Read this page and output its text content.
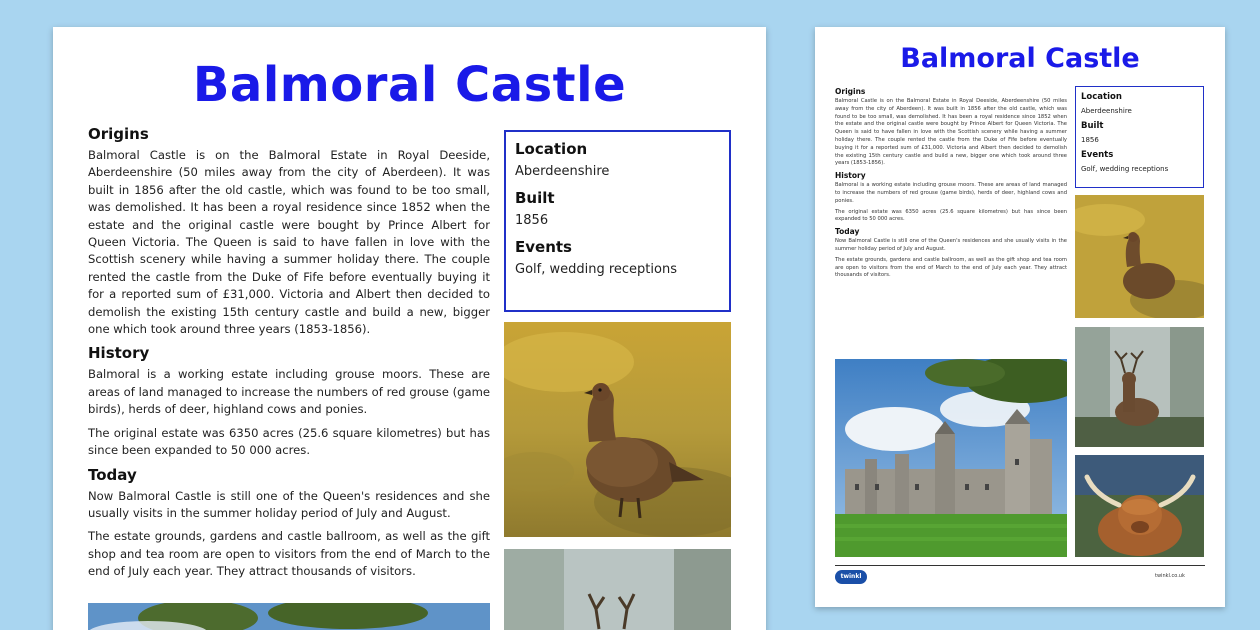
Balmoral Castle
Origins

Balmoral Castle is on the Balmoral Estate in Royal Deeside, Aberdeenshire (50 miles away from the city of Aberdeen). It was built in 1856 after the old castle, which was found to be too small, was demolished. It has been a royal residence since 1852 when the estate and the original castle were bought by Prince Albert for Queen Victoria. The Queen is said to have fallen in love with the Scottish scenery while having a summer holiday there. The couple rented the castle from the Duke of Fife before eventually buying it for a reported sum of £31,000. Victoria and Albert then decided to demolish the existing 15th century castle and build a new, bigger one which took around three years (1853-1856).

History

Balmoral is a working estate including grouse moors. These are areas of land managed to increase the numbers of red grouse (game birds), herds of deer, highland cows and ponies.

The original estate was 6350 acres (25.6 square kilometres) but has since been expanded to 50 000 acres.

Today

Now Balmoral Castle is still one of the Queen's residences and she usually visits in the summer holiday period of July and August.

The estate grounds, gardens and castle ballroom, as well as the gift shop and tea room are open to visitors from the end of March to the end of July each year. They attract thousands of visitors.

Location
Aberdeenshire
Built
1856
Events
Golf, wedding receptions
Balmoral Castle
Origins

Balmoral Castle is on the Balmoral Estate in Royal Deeside, Aberdeenshire (50 miles away from the city of Aberdeen). It was built in 1856 after the old castle, which was found to be too small, was demolished. It has been a royal residence since 1852 when the estate and the original castle were bought by Prince Albert for Queen Victoria. The Queen is said to have fallen in love with the Scottish scenery while having a summer holiday there. The couple rented the castle from the Duke of Fife before eventually buying it for a reported sum of £31,000. Victoria and Albert then decided to demolish the existing 15th century castle and build a new, bigger one which took around three years (1853-1856).

History

Balmoral is a working estate including grouse moors. These are areas of land managed to increase the numbers of red grouse (game birds), herds of deer, highland cows and ponies.

The original estate was 6350 acres (25.6 square kilometres) but has since been expanded to 50 000 acres.

Today

Now Balmoral Castle is still one of the Queen's residences and she usually visits in the summer holiday period of July and August.

The estate grounds, gardens and castle ballroom, as well as the gift shop and tea room are open to visitors from the end of March to the end of July each year. They attract thousands of visitors.

Location
Aberdeenshire
Built
1856
Events
Golf, wedding receptions
twinkl	twinkl.co.uk
